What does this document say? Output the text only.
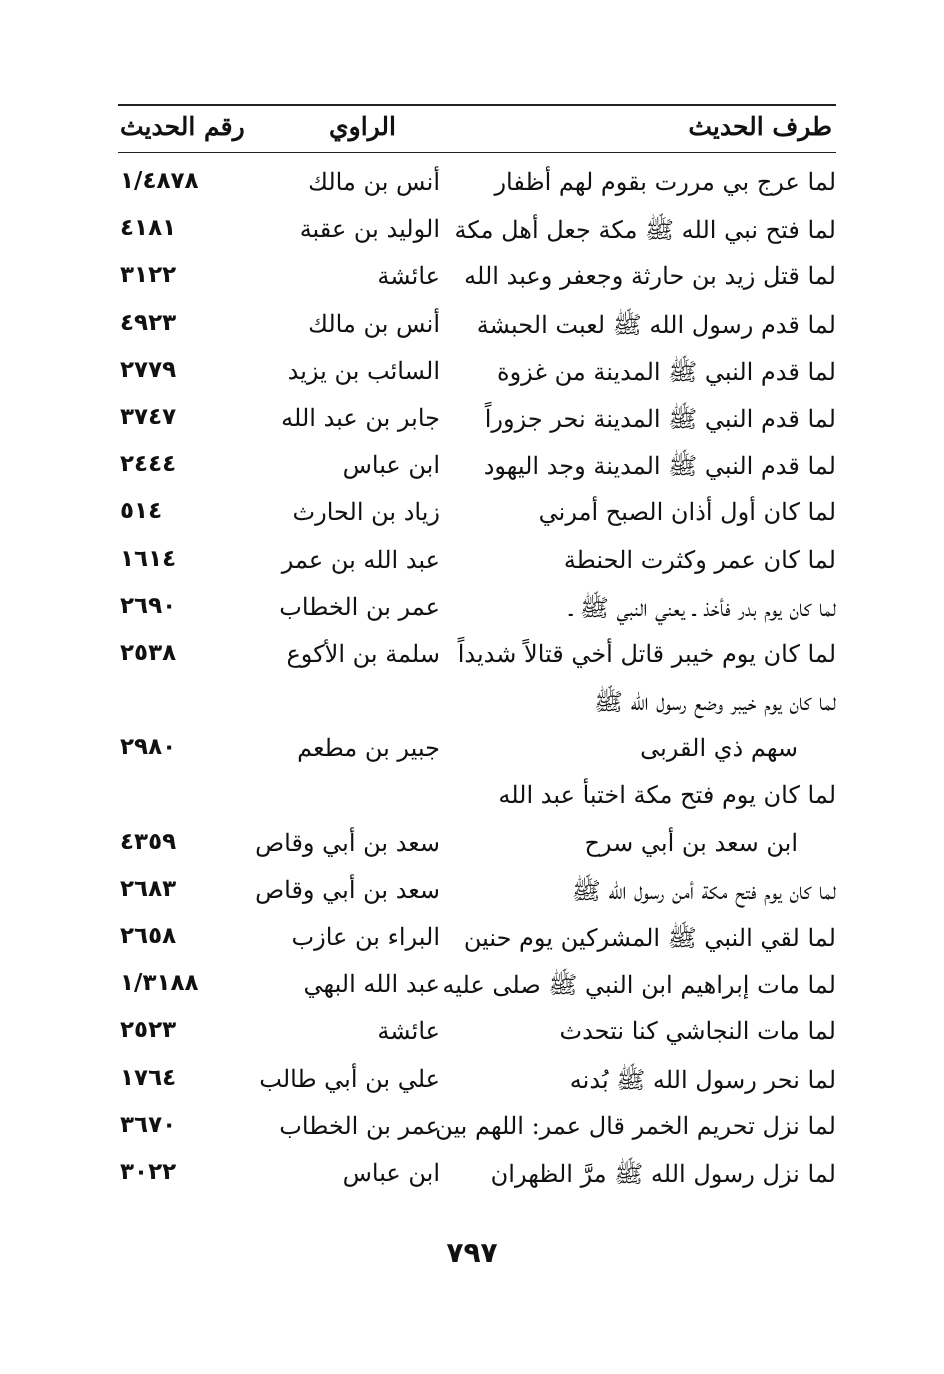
طرف الحديث
الراوي
رقم الحديث
لما عرج بي مررت بقوم لهم أظفار
أنس بن مالك
١/٤٨٧٨
لما فتح نبي الله ﷺ مكة جعل أهل مكة
الوليد بن عقبة
٤١٨١
لما قتل زيد بن حارثة وجعفر وعبد الله
عائشة
٣١٢٢
لما قدم رسول الله ﷺ لعبت الحبشة
أنس بن مالك
٤٩٢٣
لما قدم النبي ﷺ المدينة من غزوة
السائب بن يزيد
٢٧٧٩
لما قدم النبي ﷺ المدينة نحر جزوراً
جابر بن عبد الله
٣٧٤٧
لما قدم النبي ﷺ المدينة وجد اليهود
ابن عباس
٢٤٤٤
لما كان أول أذان الصبح أمرني
زياد بن الحارث
٥١٤
لما كان عمر وكثرت الحنطة
عبد الله بن عمر
١٦١٤
لما كان يوم بدر فأخذ ـ يعني النبي ﷺ ـ
عمر بن الخطاب
٢٦٩٠
لما كان يوم خيبر قاتل أخي قتالاً شديداً
سلمة بن الأكوع
٢٥٣٨
لما كان يوم خيبر وضع رسول الله ﷺ
سهم ذي القربى
جبير بن مطعم
٢٩٨٠
لما كان يوم فتح مكة اختبأ عبد الله
ابن سعد بن أبي سرح
سعد بن أبي وقاص
٤٣٥٩
لما كان يوم فتح مكة أمن رسول الله ﷺ
سعد بن أبي وقاص
٢٦٨٣
لما لقي النبي ﷺ المشركين يوم حنين
البراء بن عازب
٢٦٥٨
لما مات إبراهيم ابن النبي ﷺ صلى عليه
عبد الله البهي
١/٣١٨٨
لما مات النجاشي كنا نتحدث
عائشة
٢٥٢٣
لما نحر رسول الله ﷺ بُدنه
علي بن أبي طالب
١٧٦٤
لما نزل تحريم الخمر قال عمر: اللهم بين
عمر بن الخطاب
٣٦٧٠
لما نزل رسول الله ﷺ مرَّ الظهران
ابن عباس
٣٠٢٢
٧٩٧
